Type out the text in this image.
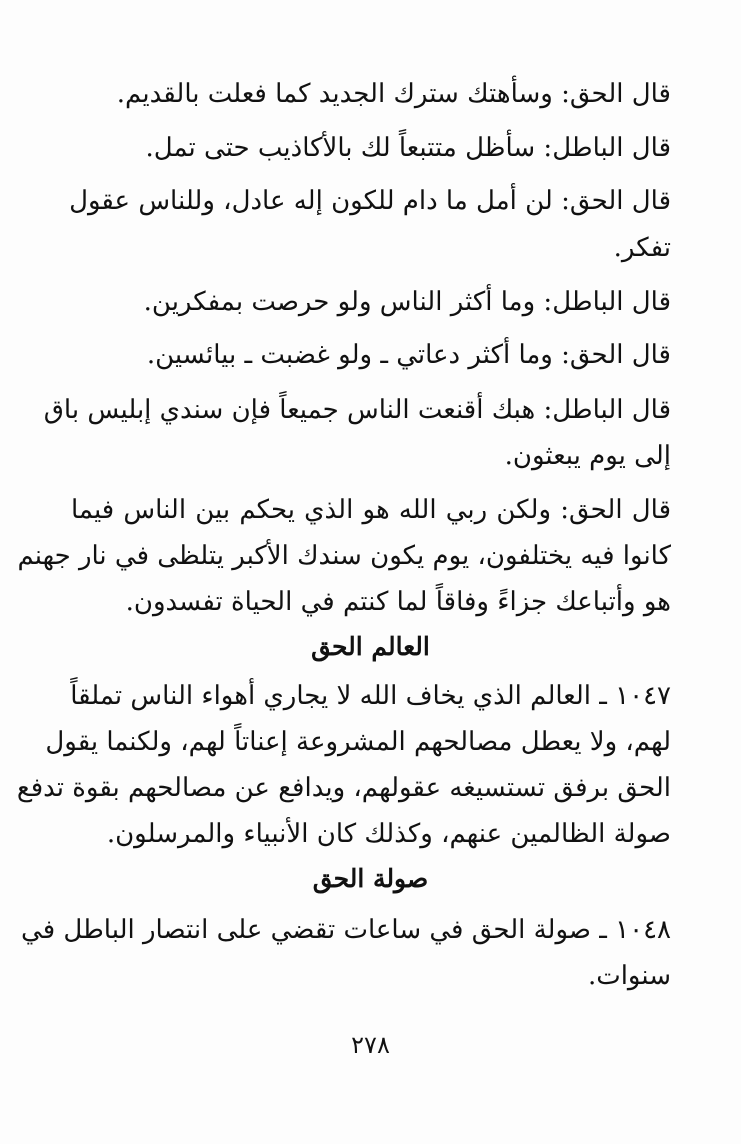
قال الحق: وسأهتك سترك الجديد كما فعلت بالقديم.
قال الباطل: سأظل متتبعاً لك بالأكاذيب حتى تمل.
قال الحق: لن أمل ما دام للكون إله عادل، وللناس عقول
تفكر.
قال الباطل: وما أكثر الناس ولو حرصت بمفكرين.
قال الحق: وما أكثر دعاتي ـ ولو غضبت ـ بيائسين.
قال الباطل: هبك أقنعت الناس جميعاً فإن سندي إبليس باق
إلى يوم يبعثون.
قال الحق: ولكن ربي الله هو الذي يحكم بين الناس فيما
كانوا فيه يختلفون، يوم يكون سندك الأكبر يتلظى في نار جهنم
هو وأتباعك جزاءً وفاقاً لما كنتم في الحياة تفسدون.
العالم الحق
١٠٤٧ ـ العالم الذي يخاف الله لا يجاري أهواء الناس تملقاً
لهم، ولا يعطل مصالحهم المشروعة إعناتاً لهم، ولكنما يقول
الحق برفق تستسيغه عقولهم، ويدافع عن مصالحهم بقوة تدفع
صولة الظالمين عنهم، وكذلك كان الأنبياء والمرسلون.
صولة الحق
١٠٤٨ ـ صولة الحق في ساعات تقضي على انتصار الباطل في
سنوات.
٢٧٨
